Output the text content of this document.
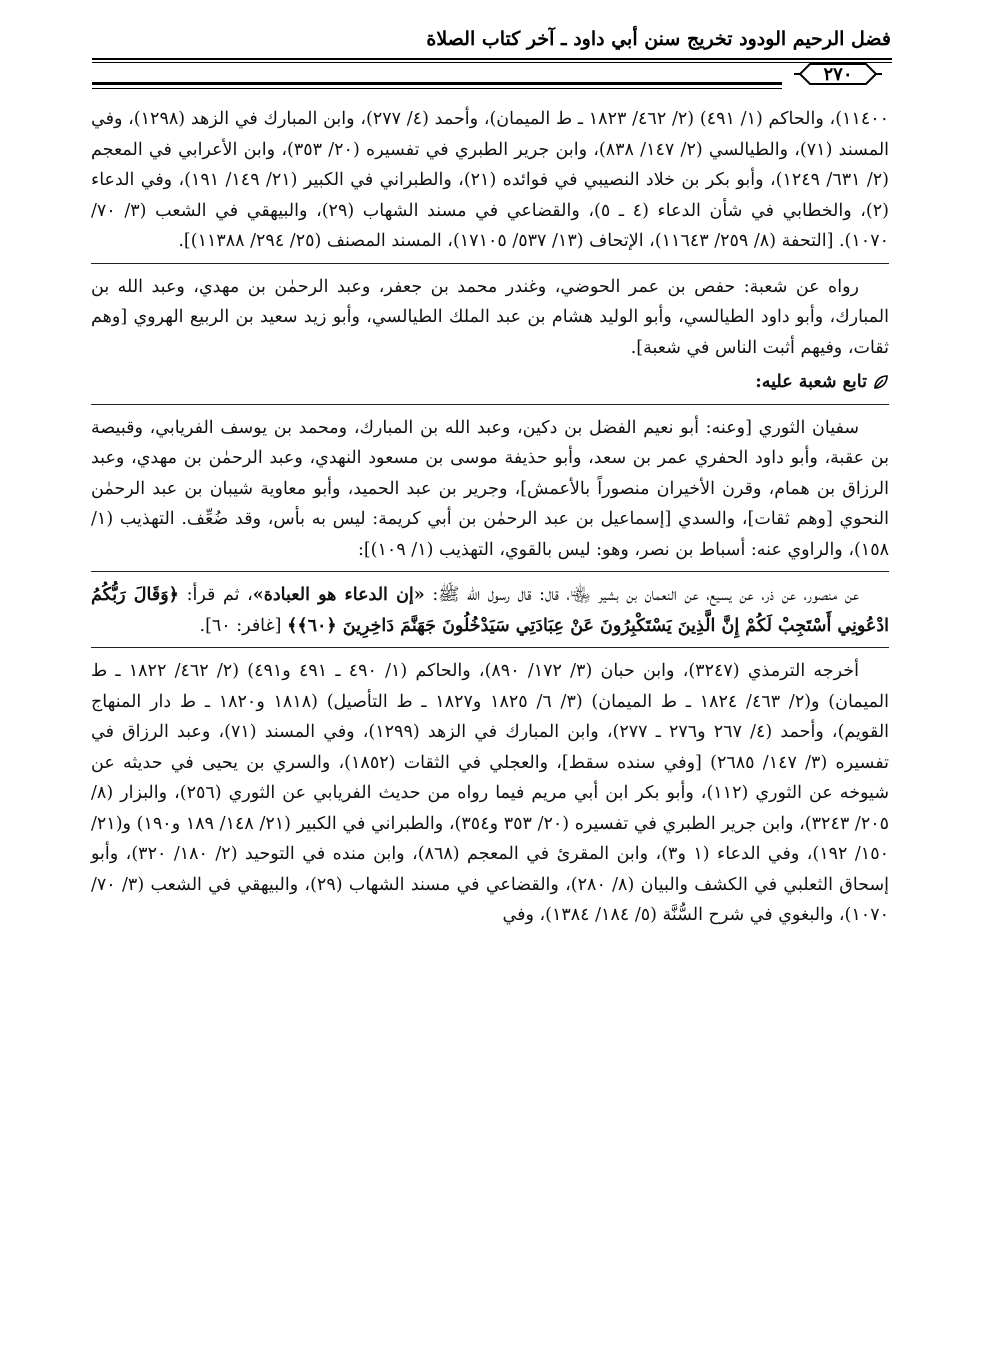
فضل الرحيم الودود تخريج سنن أبي داود ـ آخر كتاب الصلاة
٢٧٠

١١٤٠٠)، والحاكم (١/ ٤٩١) (٢/ ٤٦٢/ ١٨٢٣ ـ ط الميمان)، وأحمد (٤/ ٢٧٧)، وابن المبارك في الزهد (١٢٩٨)، وفي المسند (٧١)، والطيالسي (٢/ ١٤٧/ ٨٣٨)، وابن جرير الطبري في تفسيره (٢٠/ ٣٥٣)، وابن الأعرابي في المعجم (٢/ ٦٣١/ ١٢٤٩)، وأبو بكر بن خلاد النصيبي في فوائده (٢١)، والطبراني في الكبير (٢١/ ١٤٩/ ١٩١)، وفي الدعاء (٢)، والخطابي في شأن الدعاء (٤ ـ ٥)، والقضاعي في مسند الشهاب (٢٩)، والبيهقي في الشعب (٣/ ٧٠/ ١٠٧٠). [التحفة (٨/ ٢٥٩/ ١١٦٤٣)، الإتحاف (١٣/ ٥٣٧/ ١٧١٠٥)، المسند المصنف (٢٥/ ٢٩٤/ ١١٣٨٨)].

رواه عن شعبة: حفص بن عمر الحوضي، وغندر محمد بن جعفر، وعبد الرحمٰن بن مهدي، وعبد الله بن المبارك، وأبو داود الطيالسي، وأبو الوليد هشام بن عبد الملك الطيالسي، وأبو زيد سعيد بن الربيع الهروي [وهم ثقات، وفيهم أثبت الناس في شعبة].

تابع شعبة عليه:

سفيان الثوري [وعنه: أبو نعيم الفضل بن دكين، وعبد الله بن المبارك، ومحمد بن يوسف الفريابي، وقبيصة بن عقبة، وأبو داود الحفري عمر بن سعد، وأبو حذيفة موسى بن مسعود النهدي، وعبد الرحمٰن بن مهدي، وعبد الرزاق بن همام، وقرن الأخيران منصوراً بالأعمش]، وجرير بن عبد الحميد، وأبو معاوية شيبان بن عبد الرحمٰن النحوي [وهم ثقات]، والسدي [إسماعيل بن عبد الرحمٰن بن أبي كريمة: ليس به بأس، وقد ضُعِّف. التهذيب (١/ ١٥٨)، والراوي عنه: أسباط بن نصر، وهو: ليس بالقوي، التهذيب (١/ ١٠٩)]:

عن منصور، عن ذر، عن يسيع، عن النعمان بن بشير ﵄، قال: قال رسول الله ﷺ: «إن الدعاء هو العبادة»، ثم قرأ: ﴿وَقَالَ رَبُّكُمُ ادْعُونِي أَسْتَجِبْ لَكُمْ إِنَّ الَّذِينَ يَسْتَكْبِرُونَ عَنْ عِبَادَتِي سَيَدْخُلُونَ جَهَنَّمَ دَاخِرِينَ ﴿٦٠﴾﴾ [غافر: ٦٠].

أخرجه الترمذي (٣٢٤٧)، وابن حبان (٣/ ١٧٢/ ٨٩٠)، والحاكم (١/ ٤٩٠ ـ ٤٩١ و٤٩١) (٢/ ٤٦٢/ ١٨٢٢ ـ ط الميمان) و(٢/ ٤٦٣/ ١٨٢٤ ـ ط الميمان) (٣/ ٦/ ١٨٢٥ و١٨٢٧ ـ ط التأصيل) (١٨١٨ و١٨٢٠ ـ ط دار المنهاج القويم)، وأحمد (٤/ ٢٦٧ و٢٧٦ ـ ٢٧٧)، وابن المبارك في الزهد (١٢٩٩)، وفي المسند (٧١)، وعبد الرزاق في تفسيره (٣/ ١٤٧/ ٢٦٨٥) [وفي سنده سقط]، والعجلي في الثقات (١٨٥٢)، والسري بن يحيى في حديثه عن شيوخه عن الثوري (١١٢)، وأبو بكر ابن أبي مريم فيما رواه من حديث الفريابي عن الثوري (٢٥٦)، والبزار (٨/ ٢٠٥/ ٣٢٤٣)، وابن جرير الطبري في تفسيره (٢٠/ ٣٥٣ و٣٥٤)، والطبراني في الكبير (٢١/ ١٤٨/ ١٨٩ و١٩٠) و(٢١/ ١٥٠/ ١٩٢)، وفي الدعاء (١ و٣)، وابن المقرئ في المعجم (٨٦٨)، وابن منده في التوحيد (٢/ ١٨٠/ ٣٢٠)، وأبو إسحاق الثعلبي في الكشف والبيان (٨/ ٢٨٠)، والقضاعي في مسند الشهاب (٢٩)، والبيهقي في الشعب (٣/ ٧٠/ ١٠٧٠)، والبغوي في شرح السُّنَّة (٥/ ١٨٤/ ١٣٨٤)، وفي
